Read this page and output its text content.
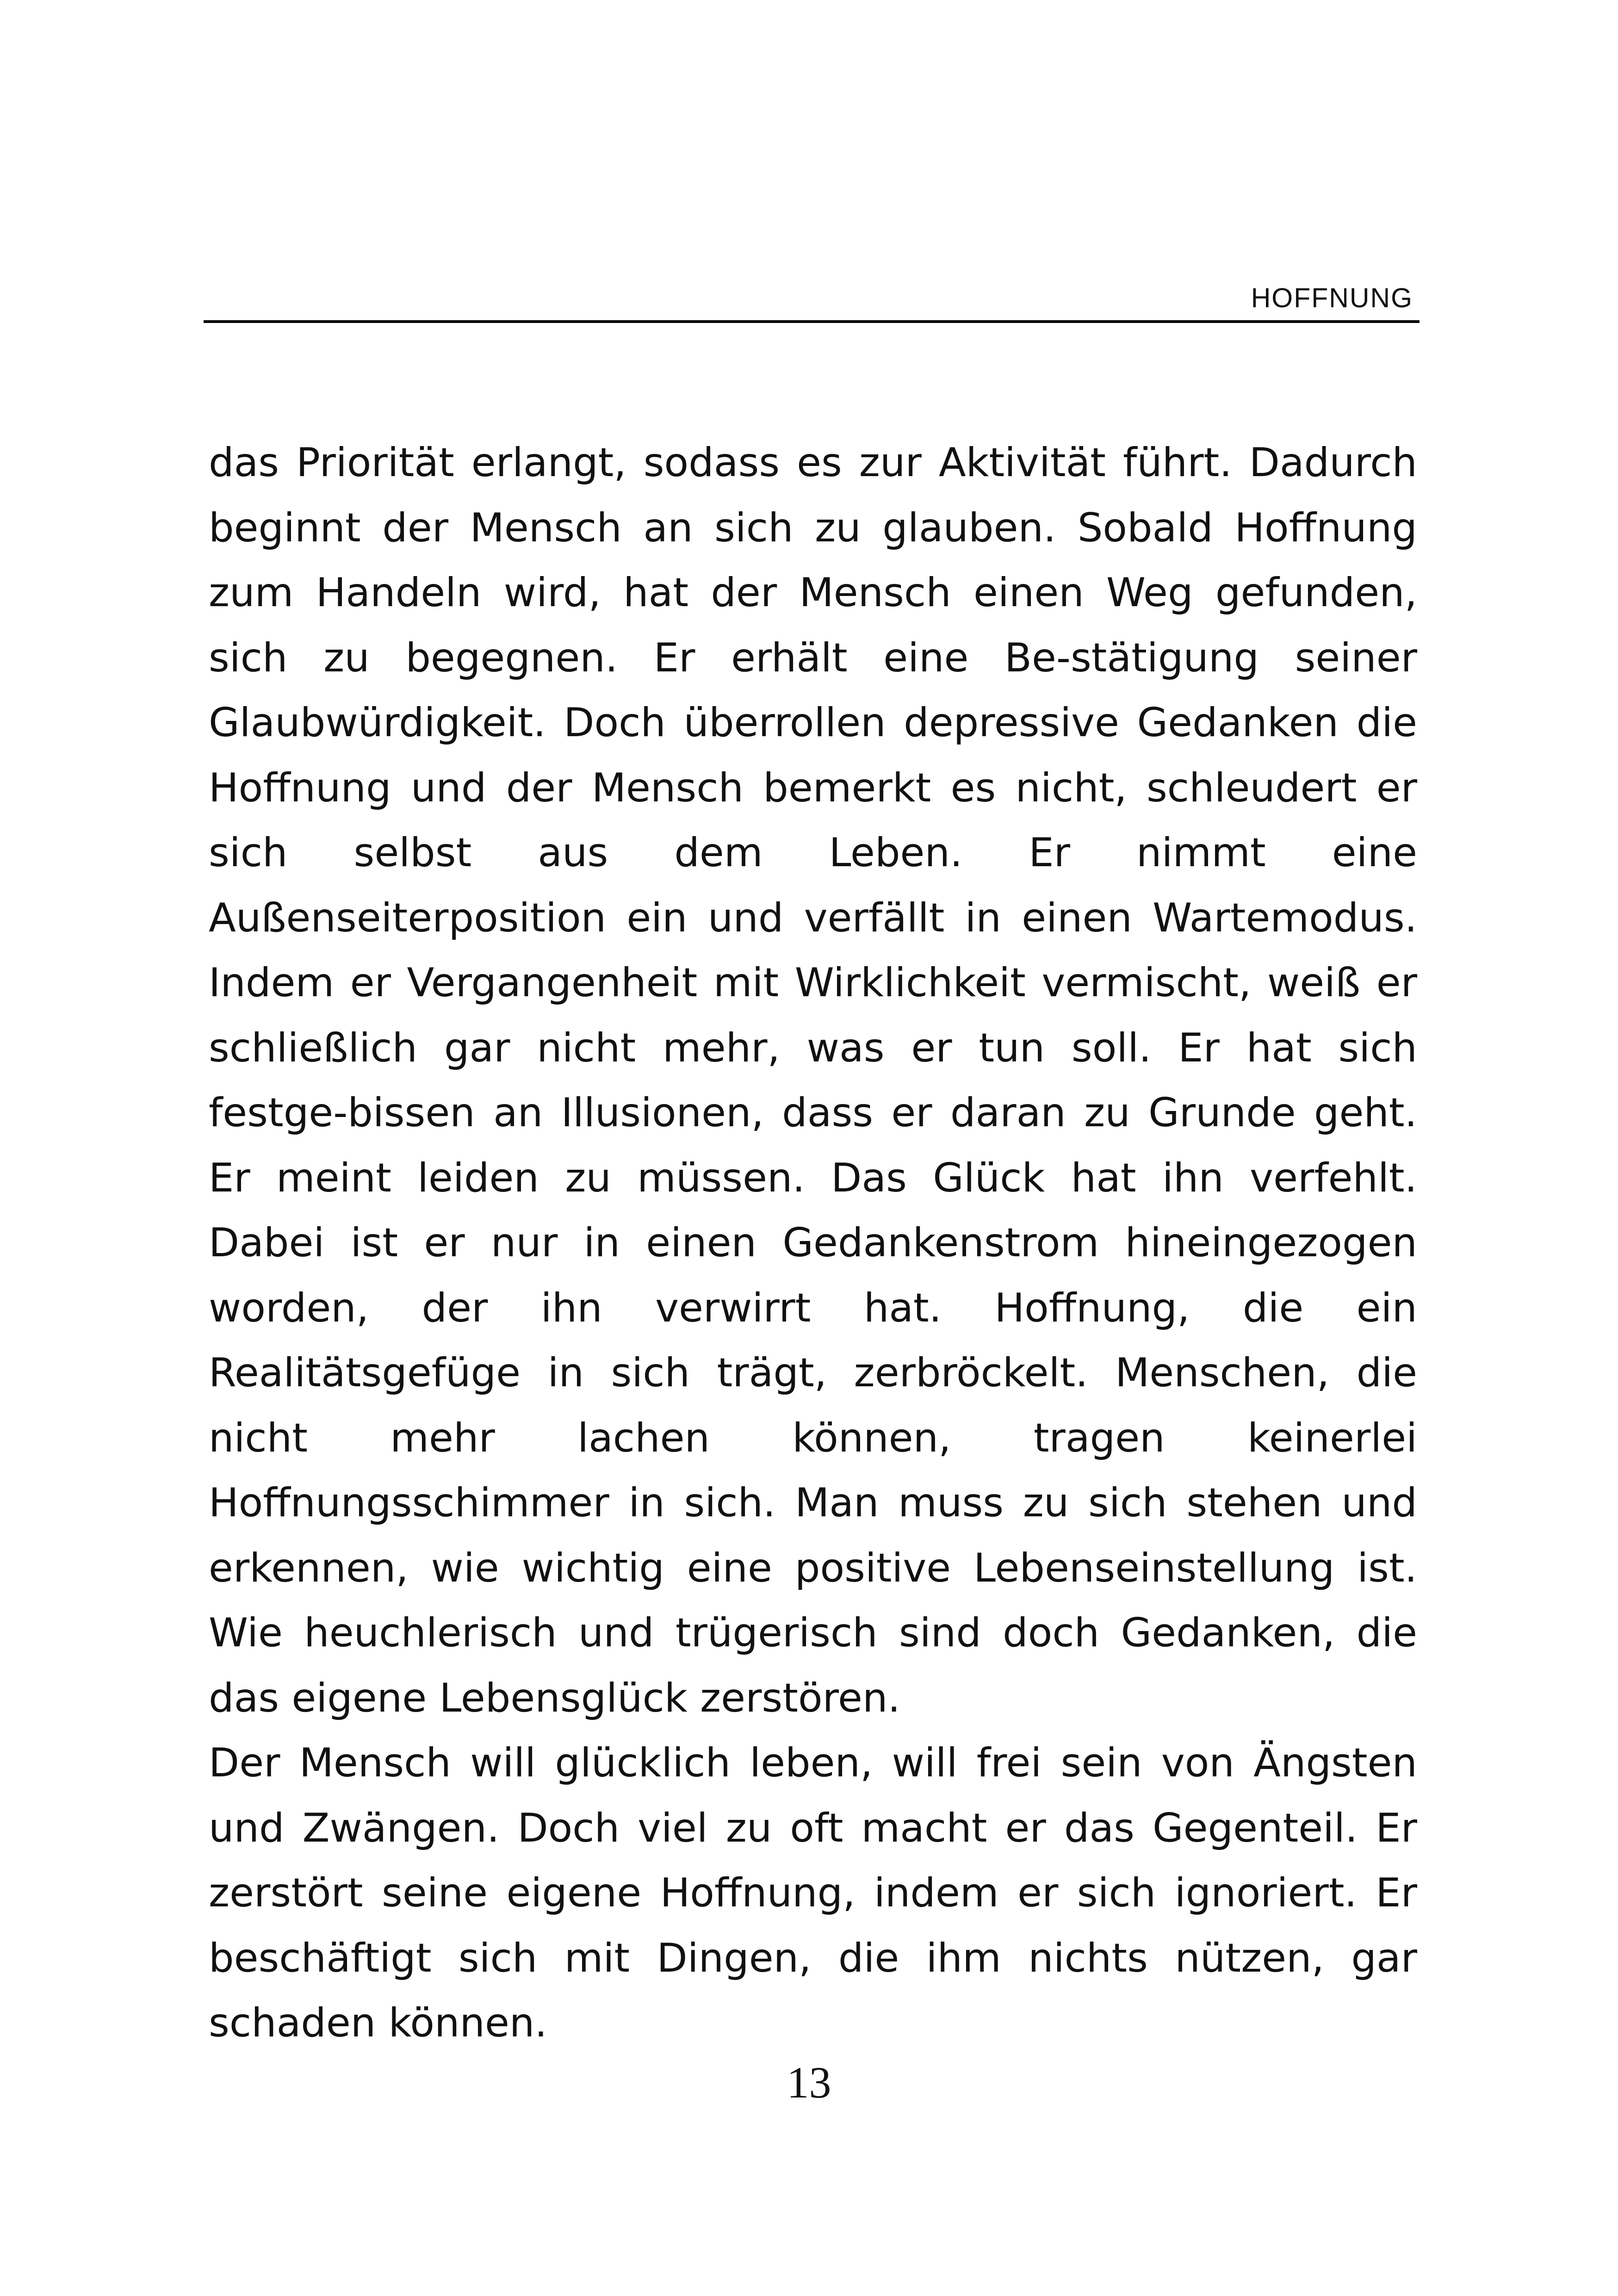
HOFFNUNG

das Priorität erlangt, sodass es zur Aktivität führt. Dadurch beginnt der Mensch an sich zu glauben. Sobald Hoffnung zum Handeln wird, hat der Mensch einen Weg gefunden, sich zu begegnen. Er erhält eine Be-stätigung seiner Glaubwürdigkeit. Doch überrollen depressive Gedanken die Hoffnung und der Mensch bemerkt es nicht, schleudert er sich selbst aus dem Leben. Er nimmt eine Außenseiterposition ein und verfällt in einen Wartemodus. Indem er Vergangenheit mit Wirklichkeit vermischt, weiß er schließlich gar nicht mehr, was er tun soll. Er hat sich festge-bissen an Illusionen, dass er daran zu Grunde geht. Er meint leiden zu müssen. Das Glück hat ihn verfehlt. Dabei ist er nur in einen Gedankenstrom hineingezogen worden, der ihn verwirrt hat. Hoffnung, die ein Realitätsgefüge in sich trägt, zerbröckelt. Menschen, die nicht mehr lachen können, tragen keinerlei Hoffnungsschimmer in sich. Man muss zu sich stehen und erkennen, wie wichtig eine positive Lebenseinstellung ist. Wie heuchlerisch und trügerisch sind doch Gedanken, die das eigene Lebensglück zerstören.

Der Mensch will glücklich leben, will frei sein von Ängsten und Zwängen. Doch viel zu oft macht er das Gegenteil. Er zerstört seine eigene Hoffnung, indem er sich ignoriert. Er beschäftigt sich mit Dingen, die ihm nichts nützen, gar schaden können.

13
